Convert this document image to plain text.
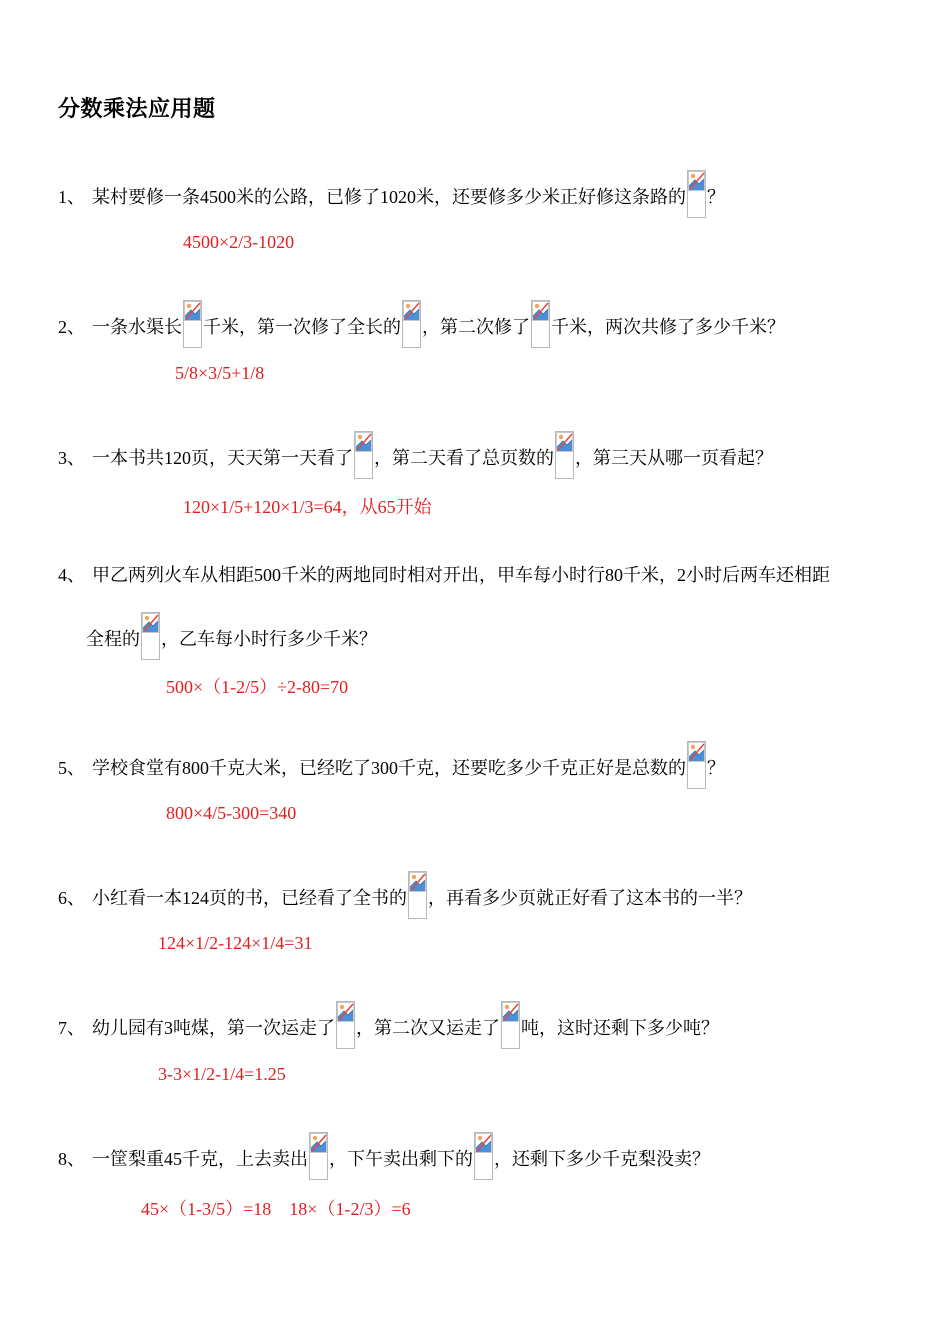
分数乘法应用题
1、 某村要修一条4500米的公路，已修了1020米，还要修多少米正好修这条路的 ？
4500×2/3-1020
2、 一条水渠长 千米，第一次修了全长的 ，第二次修了 千米，两次共修了多少千米？
5/8×3/5+1/8
3、 一本书共120页，天天第一天看了 ，第二天看了总页数的 ，第三天从哪一页看起？
120×1/5+120×1/3=64，从65开始
4、 甲乙两列火车从相距500千米的两地同时相对开出，甲车每小时行80千米，2小时后两车还相距
全程的 ，乙车每小时行多少千米？
500×（1-2/5）÷2-80=70
5、 学校食堂有800千克大米，已经吃了300千克，还要吃多少千克正好是总数的 ？
800×4/5-300=340
6、 小红看一本124页的书，已经看了全书的 ，再看多少页就正好看了这本书的一半？
124×1/2-124×1/4=31
7、 幼儿园有3吨煤，第一次运走了 ，第二次又运走了 吨，这时还剩下多少吨？
3-3×1/2-1/4=1.25
8、 一筐梨重45千克，上去卖出 ，下午卖出剩下的 ，还剩下多少千克梨没卖？
45×（1-3/5）=18　18×（1-2/3）=6
